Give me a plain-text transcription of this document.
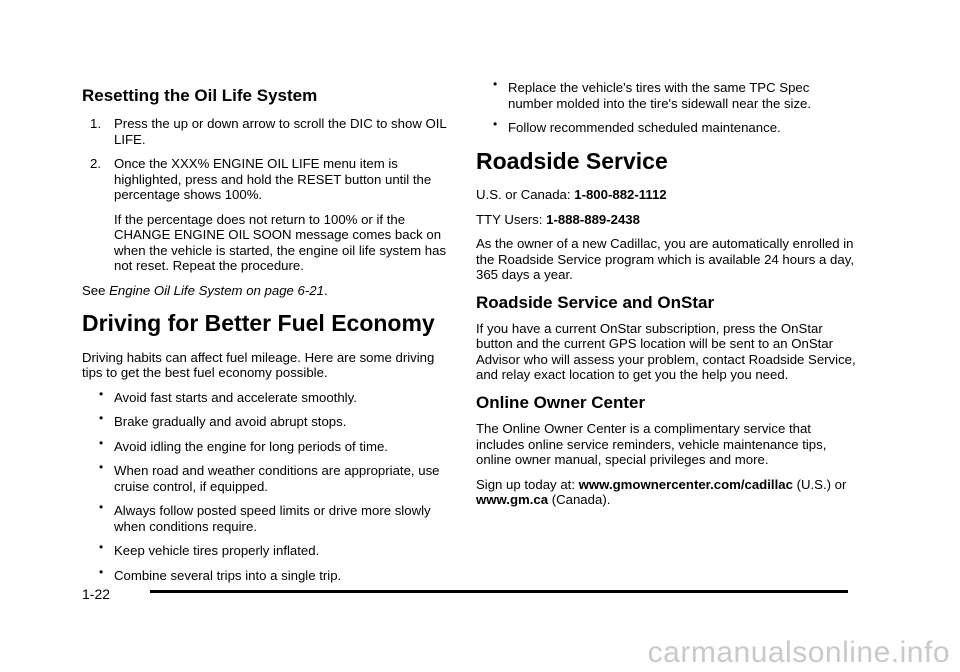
Resetting the Oil Life System
1. Press the up or down arrow to scroll the DIC to show OIL LIFE.
2. Once the XXX% ENGINE OIL LIFE menu item is highlighted, press and hold the RESET button until the percentage shows 100%.

If the percentage does not return to 100% or if the CHANGE ENGINE OIL SOON message comes back on when the vehicle is started, the engine oil life system has not reset. Repeat the procedure.

See Engine Oil Life System on page 6‑21.

Driving for Better Fuel Economy

Driving habits can affect fuel mileage. Here are some driving tips to get the best fuel economy possible.

• Avoid fast starts and accelerate smoothly.
• Brake gradually and avoid abrupt stops.
• Avoid idling the engine for long periods of time.
• When road and weather conditions are appropriate, use cruise control, if equipped.
• Always follow posted speed limits or drive more slowly when conditions require.
• Keep vehicle tires properly inflated.
• Combine several trips into a single trip.
• Replace the vehicle's tires with the same TPC Spec number molded into the tire's sidewall near the size.
• Follow recommended scheduled maintenance.
Roadside Service

U.S. or Canada: 1-800-882-1112

TTY Users: 1-888-889-2438

As the owner of a new Cadillac, you are automatically enrolled in the Roadside Service program which is available 24 hours a day, 365 days a year.

Roadside Service and OnStar

If you have a current OnStar subscription, press the OnStar button and the current GPS location will be sent to an OnStar Advisor who will assess your problem, contact Roadside Service, and relay exact location to get you the help you need.

Online Owner Center

The Online Owner Center is a complimentary service that includes online service reminders, vehicle maintenance tips, online owner manual, special privileges and more.

Sign up today at: www.gmownercenter.com/cadillac (U.S.) or www.gm.ca (Canada).

1-22
carmanualsonline.info
